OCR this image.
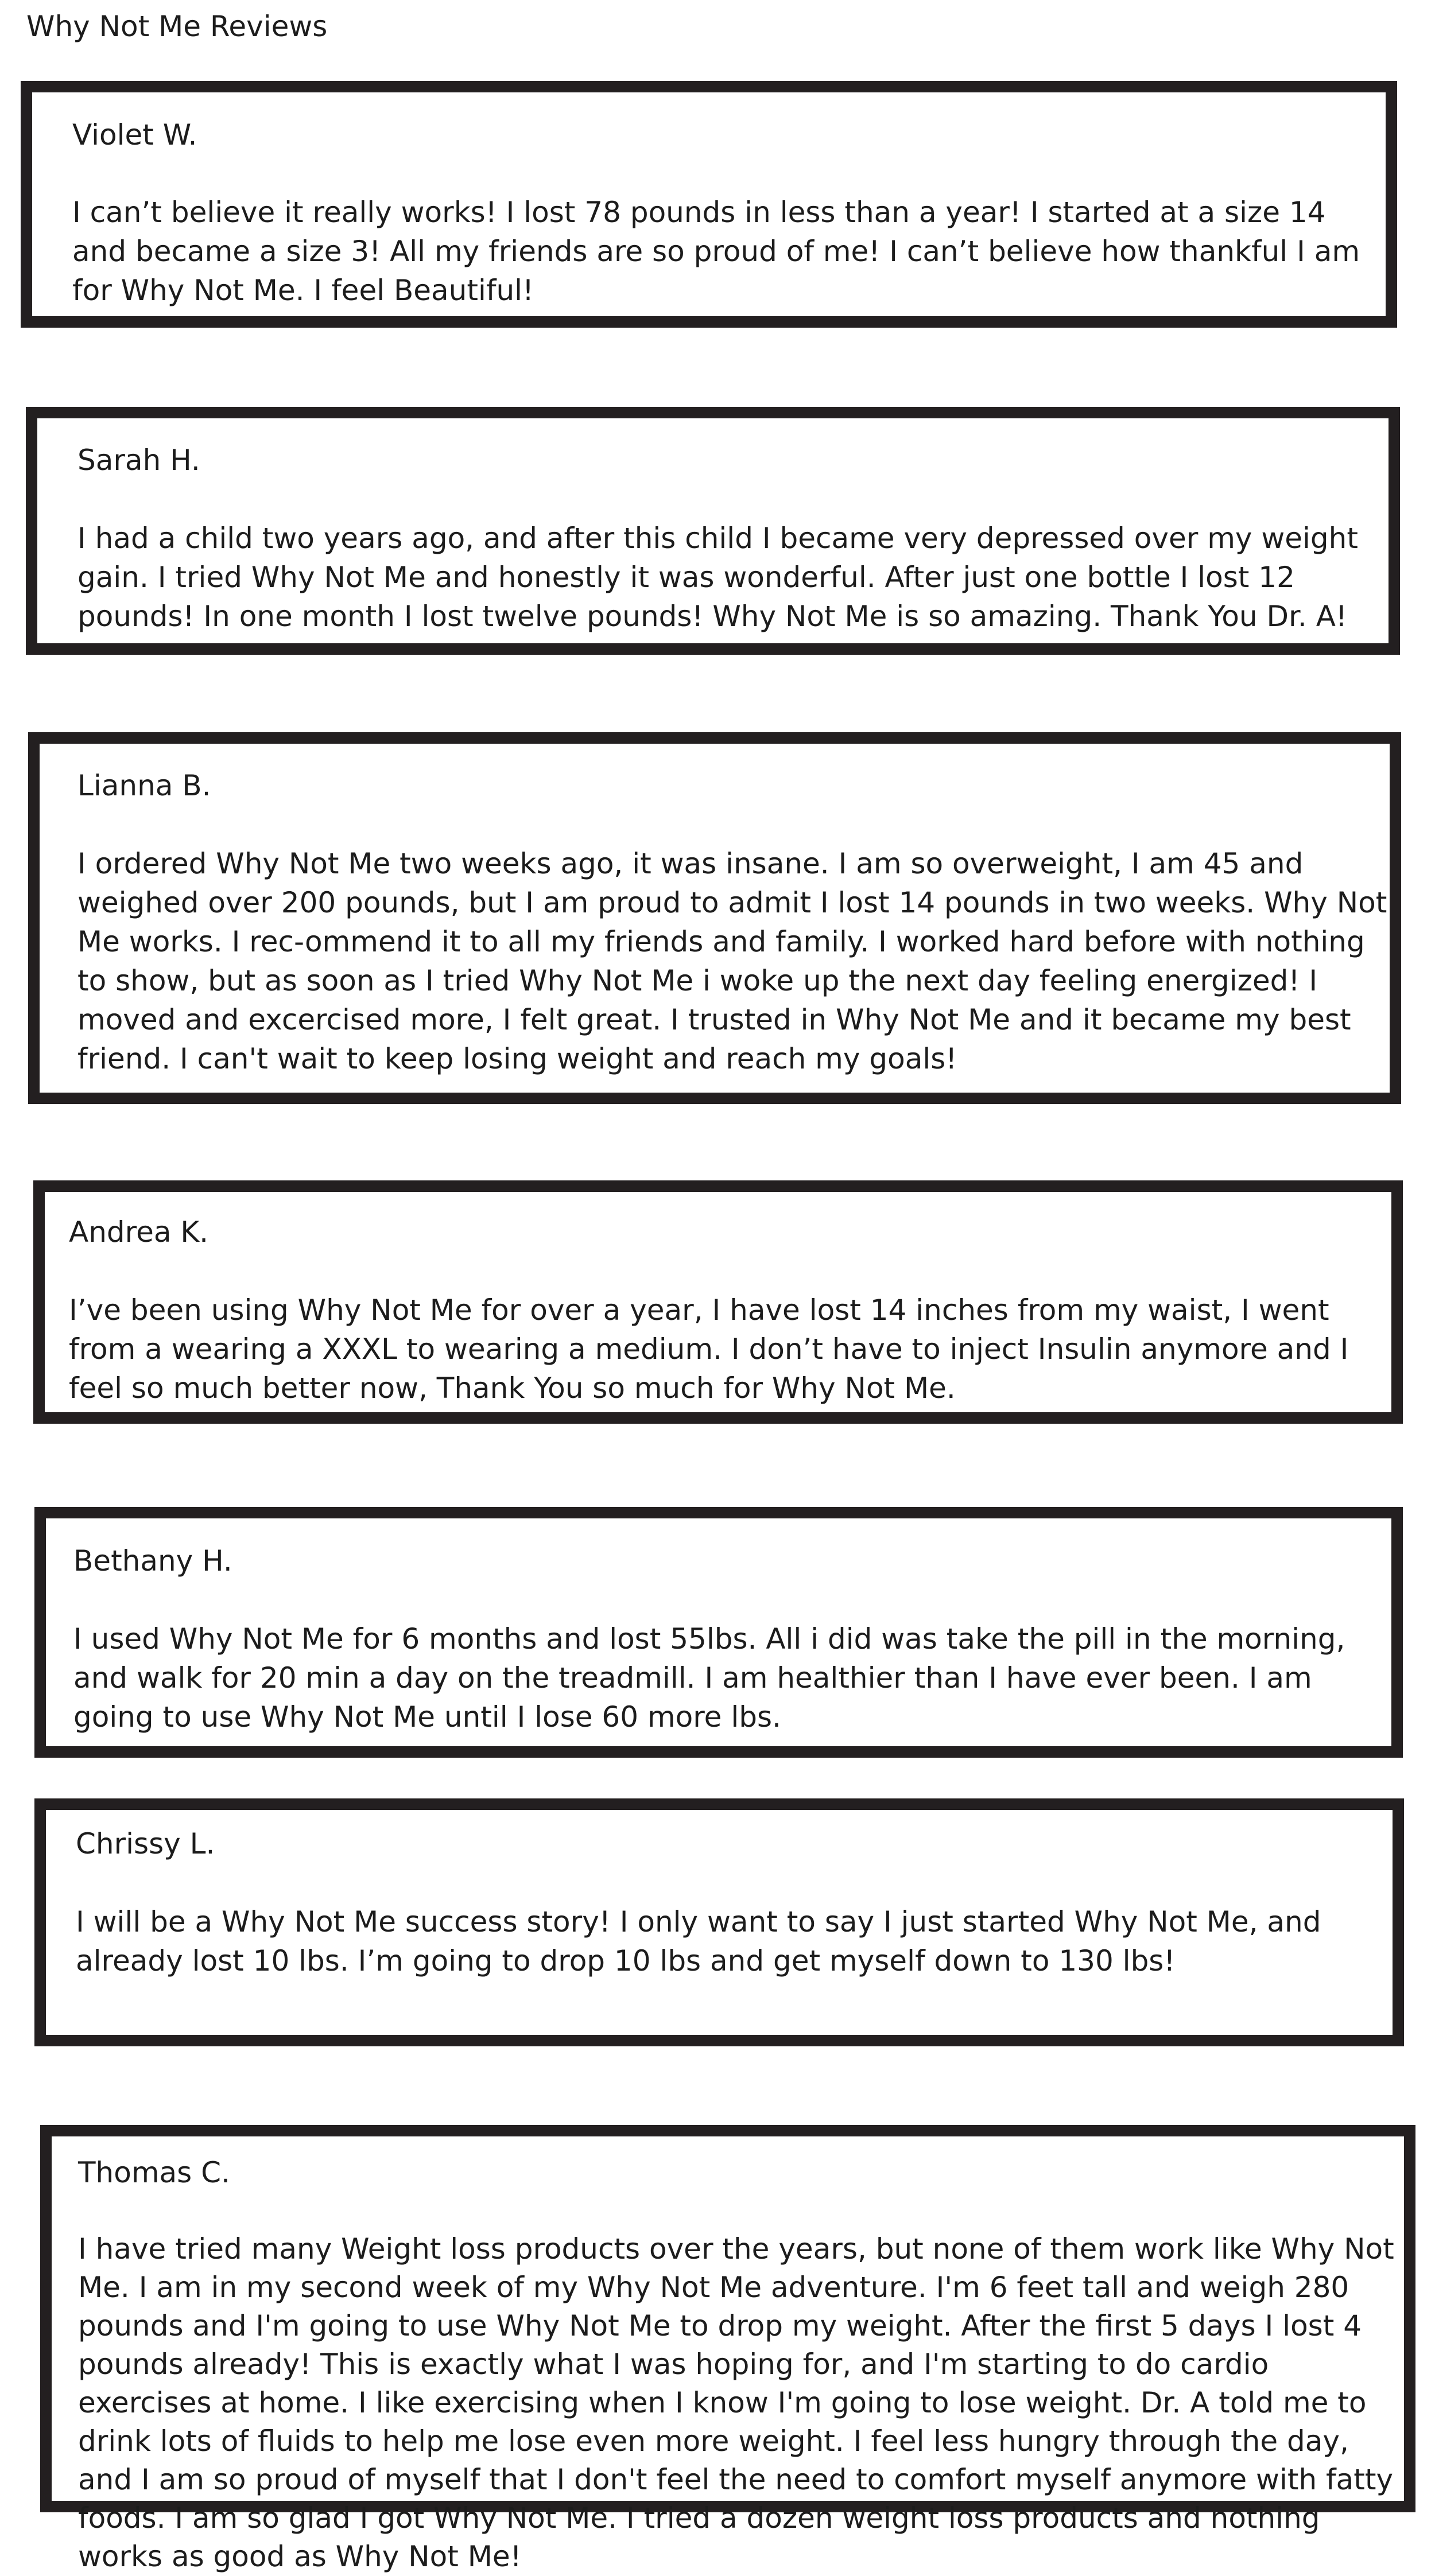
Why Not Me Reviews
Violet W.
I can’t believe it really works! I lost 78 pounds in less than a year! I started at a size 14 and became a size 3! All my friends are so proud of me! I can’t believe how thankful I am for Why Not Me. I feel Beautiful!
Sarah H.
I had a child two years ago, and after this child I became very depressed over my weight gain. I tried Why Not Me and honestly it was wonderful. After just one bottle I lost 12 pounds! In one month I lost twelve pounds! Why Not Me is so amazing. Thank You Dr. A!
Lianna B.
I ordered Why Not Me two weeks ago, it was insane. I am so overweight, I am 45 and weighed over 200 pounds, but I am proud to admit I lost 14 pounds in two weeks. Why Not Me works. I rec-ommend it to all my friends and family. I worked hard before with nothing to show, but as soon as I tried Why Not Me i woke up the next day feeling energized! I moved and excercised more, I felt great. I trusted in Why Not Me and it became my best friend. I can't wait to keep losing weight and reach my goals!
Andrea K.
I’ve been using Why Not Me for over a year, I have lost 14 inches from my waist, I went from a wearing a XXXL to wearing a medium. I don’t have to inject Insulin anymore and I feel so much better now, Thank You so much for Why Not Me.
Bethany H.
I used Why Not Me for 6 months and lost 55lbs. All i did was take the pill in the morning, and walk for 20 min a day on the treadmill. I am healthier than I have ever been. I am going to use Why Not Me until I lose 60 more lbs.
Chrissy L.
I will be a Why Not Me success story! I only want to say I just started Why Not Me, and already lost 10 lbs. I’m going to drop 10 lbs and get myself down to 130 lbs!
Thomas C.
I have tried many Weight loss products over the years, but none of them work like Why Not Me. I am in my second week of my Why Not Me adventure. I'm 6 feet tall and weigh 280 pounds and I'm going to use Why Not Me to drop my weight. After the first 5 days I lost 4 pounds already! This is exactly what I was hoping for, and I'm starting to do cardio exercises at home. I like exercising when I know I'm going to lose weight. Dr. A told me to drink lots of fluids to help me lose even more weight. I feel less hungry through the day, and I am so proud of myself that I don't feel the need to comfort myself anymore with fatty foods. I am so glad I got Why Not Me. I tried a dozen weight loss products and nothing works as good as Why Not Me!
